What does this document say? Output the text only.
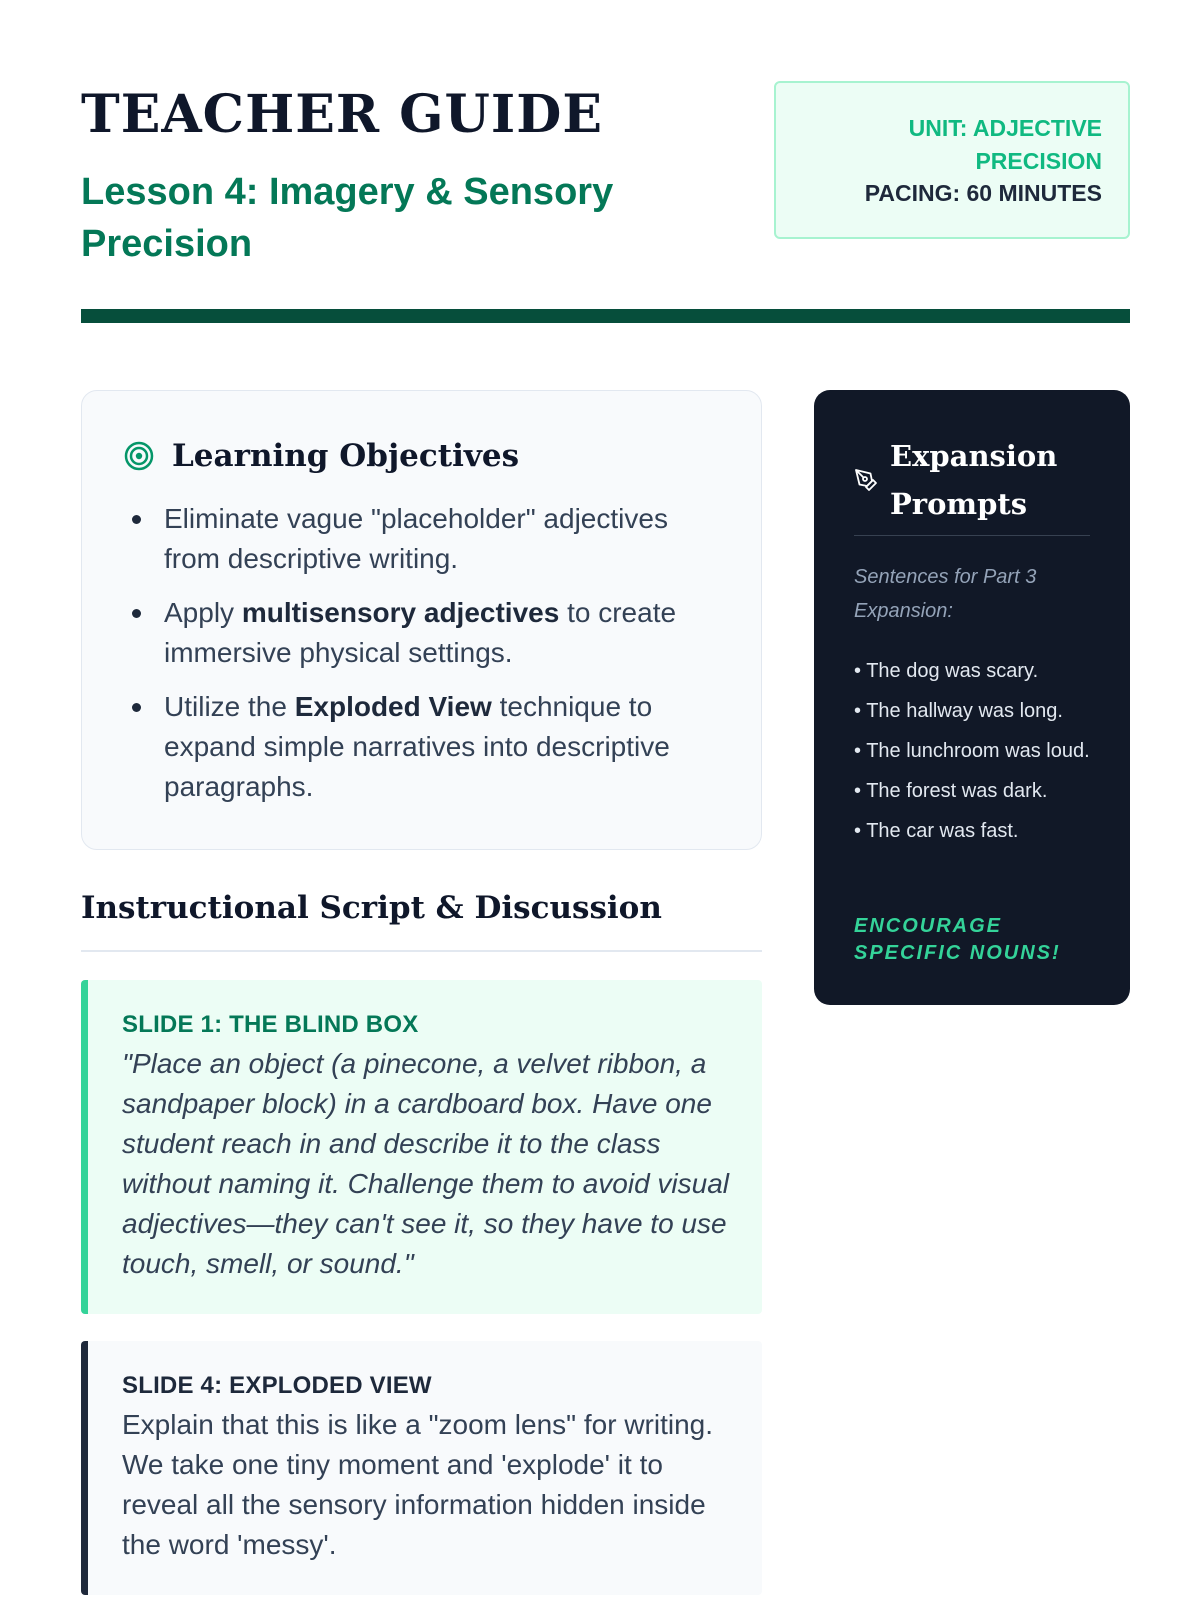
TEACHER GUIDE
Lesson 4: Imagery & Sensory Precision
UNIT: ADJECTIVE PRECISION
PACING: 60 MINUTES
Learning Objectives
Eliminate vague "placeholder" adjectives from descriptive writing.
Apply multisensory adjectives to create immersive physical settings.
Utilize the Exploded View technique to expand simple narratives into descriptive paragraphs.
Instructional Script & Discussion
SLIDE 1: THE BLIND BOX

"Place an object (a pinecone, a velvet ribbon, a sandpaper block) in a cardboard box. Have one student reach in and describe it to the class without naming it. Challenge them to avoid visual adjectives—they can't see it, so they have to use touch, smell, or sound."

SLIDE 4: EXPLODED VIEW

Explain that this is like a "zoom lens" for writing. We take one tiny moment and 'explode' it to reveal all the sensory information hidden inside the word 'messy'.

Expansion Prompts

Sentences for Part 3 Expansion:

• The dog was scary.
• The hallway was long.
• The lunchroom was loud.
• The forest was dark.
• The car was fast.

ENCOURAGE SPECIFIC NOUNS!
